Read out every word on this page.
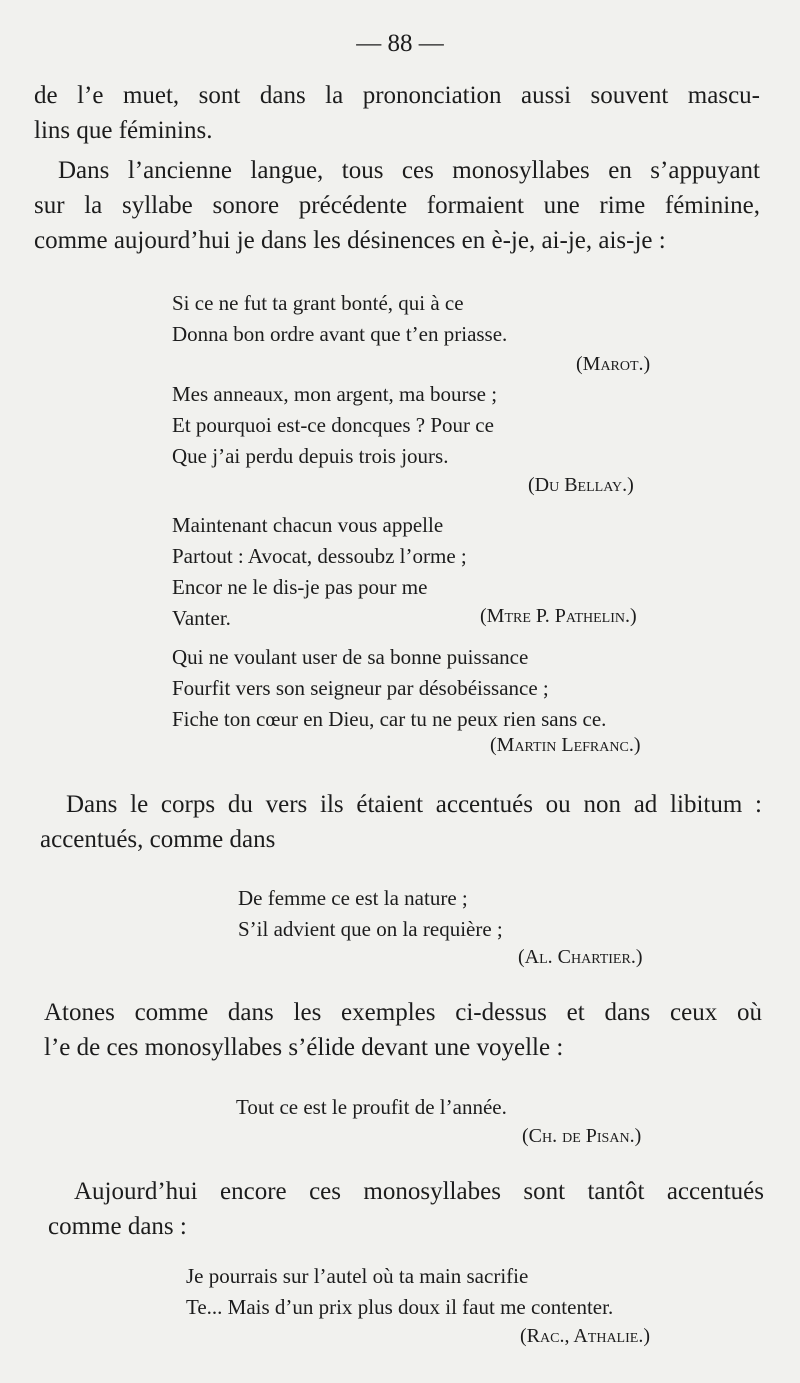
— 88 —

de l’e muet, sont dans la prononciation aussi souvent mascu-
lins que féminins.

Dans l’ancienne langue, tous ces monosyllabes en s’appuyant
sur la syllabe sonore précédente formaient une rime féminine,
comme aujourd’hui je dans les désinences en è-je, ai-je, ais-je :

Si ce ne fut ta grant bonté, qui à ce
Donna bon ordre avant que t’en priasse.
(Marot.)
Mes anneaux, mon argent, ma bourse ;
Et pourquoi est-ce doncques ? Pour ce
Que j’ai perdu depuis trois jours.
(Du Bellay.)
Maintenant chacun vous appelle
Partout : Avocat, dessoubz l’orme ;
Encor ne le dis-je pas pour me
Vanter.	(Mtre P. Pathelin.)
Qui ne voulant user de sa bonne puissance
Fourfit vers son seigneur par désobéissance ;
Fiche ton cœur en Dieu, car tu ne peux rien sans ce.
(Martin Lefranc.)

Dans le corps du vers ils étaient accentués ou non ad libitum :
accentués, comme dans

De femme ce est la nature ;
S’il advient que on la requière ;
(Al. Chartier.)

Atones comme dans les exemples ci-dessus et dans ceux où
l’e de ces monosyllabes s’élide devant une voyelle :

Tout ce est le proufit de l’année.
(Ch. de Pisan.)

Aujourd’hui encore ces monosyllabes sont tantôt accentués
comme dans :

Je pourrais sur l’autel où ta main sacrifie
Te... Mais d’un prix plus doux il faut me contenter.
(Rac., Athalie.)
